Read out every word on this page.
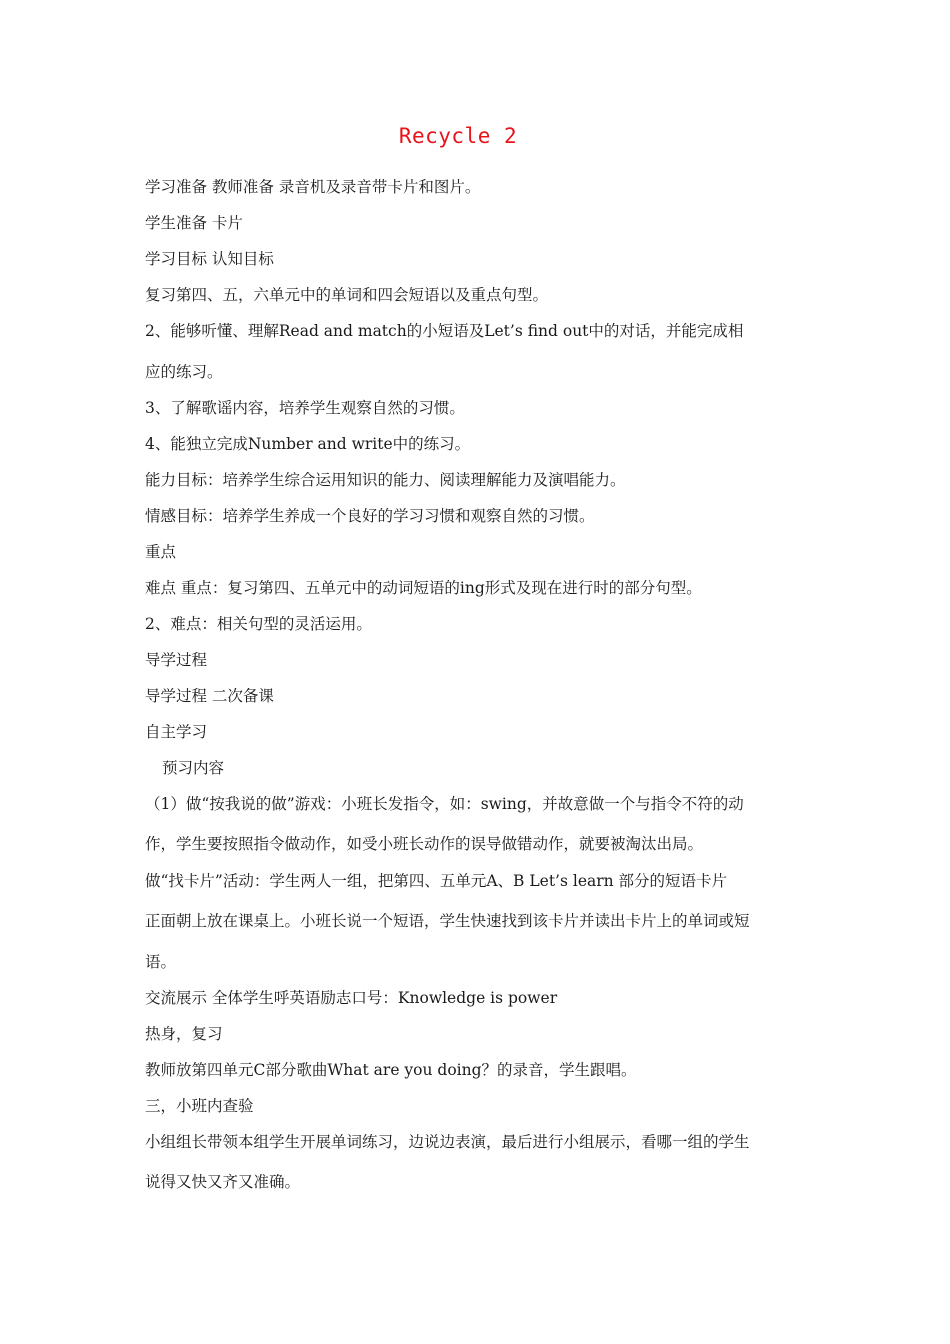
Recycle 2
学习准备 教师准备 录音机及录音带卡片和图片。
学生准备 卡片
学习目标 认知目标
复习第四、五，六单元中的单词和四会短语以及重点句型。
2、能够听懂、理解Read and match的小短语及Let’s find out中的对话，并能完成相
应的练习。
3、了解歌谣内容，培养学生观察自然的习惯。
4、能独立完成Number and write中的练习。
能力目标：培养学生综合运用知识的能力、阅读理解能力及演唱能力。
情感目标：培养学生养成一个良好的学习习惯和观察自然的习惯。
重点
难点 重点：复习第四、五单元中的动词短语的ing形式及现在进行时的部分句型。
2、难点：相关句型的灵活运用。
导学过程
导学过程 二次备课
自主学习
预习内容
（1）做“按我说的做”游戏：小班长发指令，如：swing，并故意做一个与指令不符的动
作，学生要按照指令做动作，如受小班长动作的误导做错动作，就要被淘汰出局。
做“找卡片”活动：学生两人一组，把第四、五单元A、B Let’s learn 部分的短语卡片
正面朝上放在课桌上。小班长说一个短语，学生快速找到该卡片并读出卡片上的单词或短
语。
交流展示 全体学生呼英语励志口号：Knowledge is power
热身，复习
教师放第四单元C部分歌曲What are you doing？的录音，学生跟唱。
三，小班内查验
小组组长带领本组学生开展单词练习，边说边表演，最后进行小组展示，看哪一组的学生
说得又快又齐又准确。
